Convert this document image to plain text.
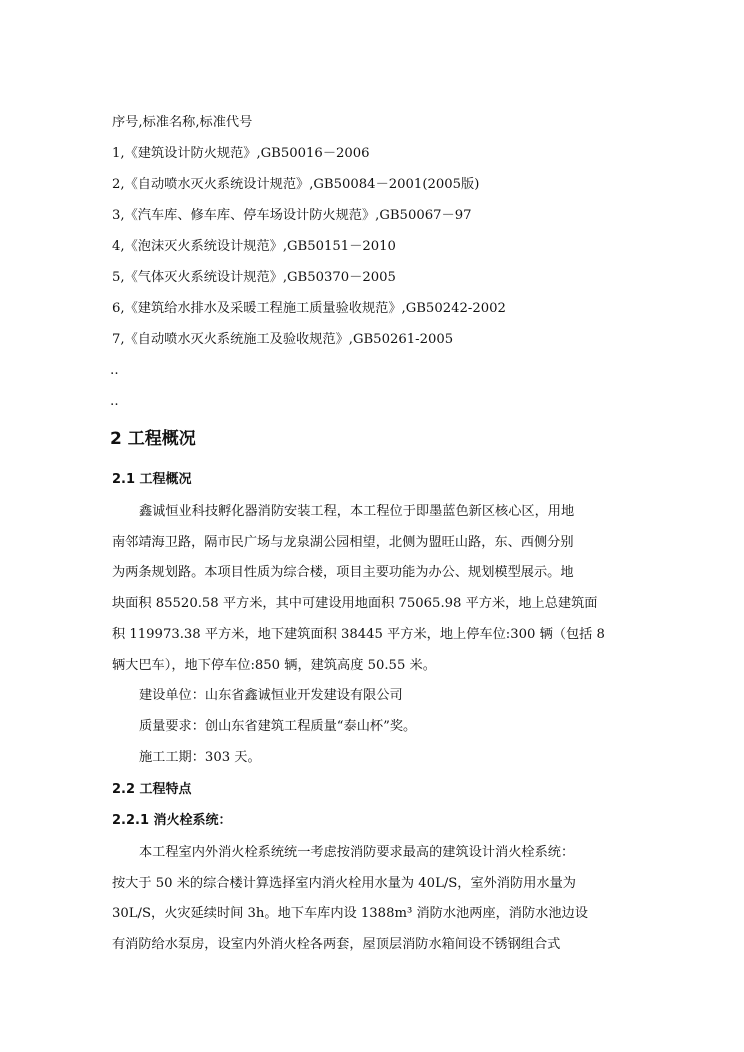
序号,标准名称,标准代号
1,《建筑设计防火规范》,GB50016－2006
2,《自动喷水灭火系统设计规范》,GB50084－2001(2005版)
3,《汽车库、修车库、停车场设计防火规范》,GB50067－97
4,《泡沫灭火系统设计规范》,GB50151－2010
5,《气体灭火系统设计规范》,GB50370－2005
6,《建筑给水排水及采暖工程施工质量验收规范》,GB50242-2002
7,《自动喷水灭火系统施工及验收规范》,GB50261-2005
‥
‥
2 工程概况
2.1 工程概况
鑫诚恒业科技孵化器消防安装工程，本工程位于即墨蓝色新区核心区，用地
南邻靖海卫路，隔市民广场与龙泉湖公园相望，北侧为盟旺山路，东、西侧分别
为两条规划路。本项目性质为综合楼，项目主要功能为办公、规划模型展示。地
块面积 85520.58 平方米，其中可建设用地面积 75065.98 平方米，地上总建筑面
积 119973.38 平方米，地下建筑面积 38445 平方米，地上停车位:300 辆（包括 8
辆大巴车），地下停车位:850 辆，建筑高度 50.55 米。
建设单位：山东省鑫诚恒业开发建设有限公司
质量要求：创山东省建筑工程质量“泰山杯”奖。
施工工期：303 天。
2.2 工程特点
2.2.1 消火栓系统：
本工程室内外消火栓系统统一考虑按消防要求最高的建筑设计消火栓系统：
按大于 50 米的综合楼计算选择室内消火栓用水量为 40L/S，室外消防用水量为
30L/S，火灾延续时间 3h。地下车库内设 1388m³ 消防水池两座，消防水池边设
有消防给水泵房，设室内外消火栓各两套，屋顶层消防水箱间设不锈钢组合式
